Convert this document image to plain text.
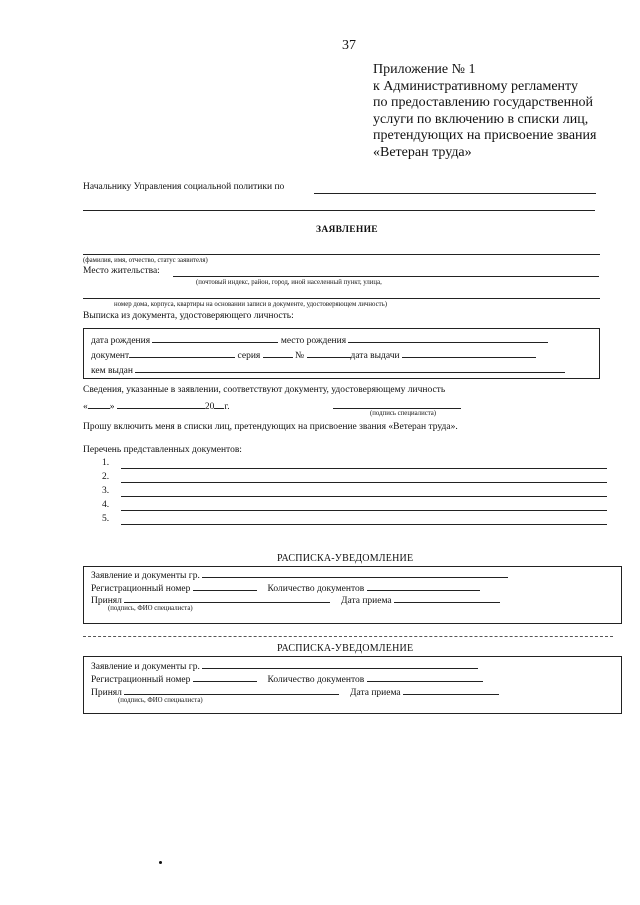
37
Приложение № 1
к Административному регламенту
по предоставлению государственной
услуги по включению в списки лиц,
претендующих на присвоение звания
«Ветеран труда»
Начальнику Управления социальной политики по
ЗАЯВЛЕНИЕ
(фамилия, имя, отчество, статус заявителя)
Место жительства:
(почтовый индекс, район, город, иной населенный пункт, улица,
номер дома, корпуса, квартиры на основании записи в документе, удостоверяющем личность)
Выписка из документа, удостоверяющего личность:
дата рождения	место рождения
документ	серия	№	дата выдачи
кем выдан
Сведения, указанные в заявлении, соответствуют документу, удостоверяющему личность
« »	20 г.
(подпись специалиста)
Прошу включить меня в списки лиц, претендующих на присвоение звания «Ветеран труда».
Перечень представленных документов:
1.
2.
3.
4.
5.
РАСПИСКА-УВЕДОМЛЕНИЕ
Заявление и документы гр.
Регистрационный номер	Количество документов
Принял	Дата приема
(подпись, ФИО специалиста)
РАСПИСКА-УВЕДОМЛЕНИЕ
Заявление и документы гр.
Регистрационный номер	Количество документов
Принял	Дата приема
(подпись, ФИО специалиста)
